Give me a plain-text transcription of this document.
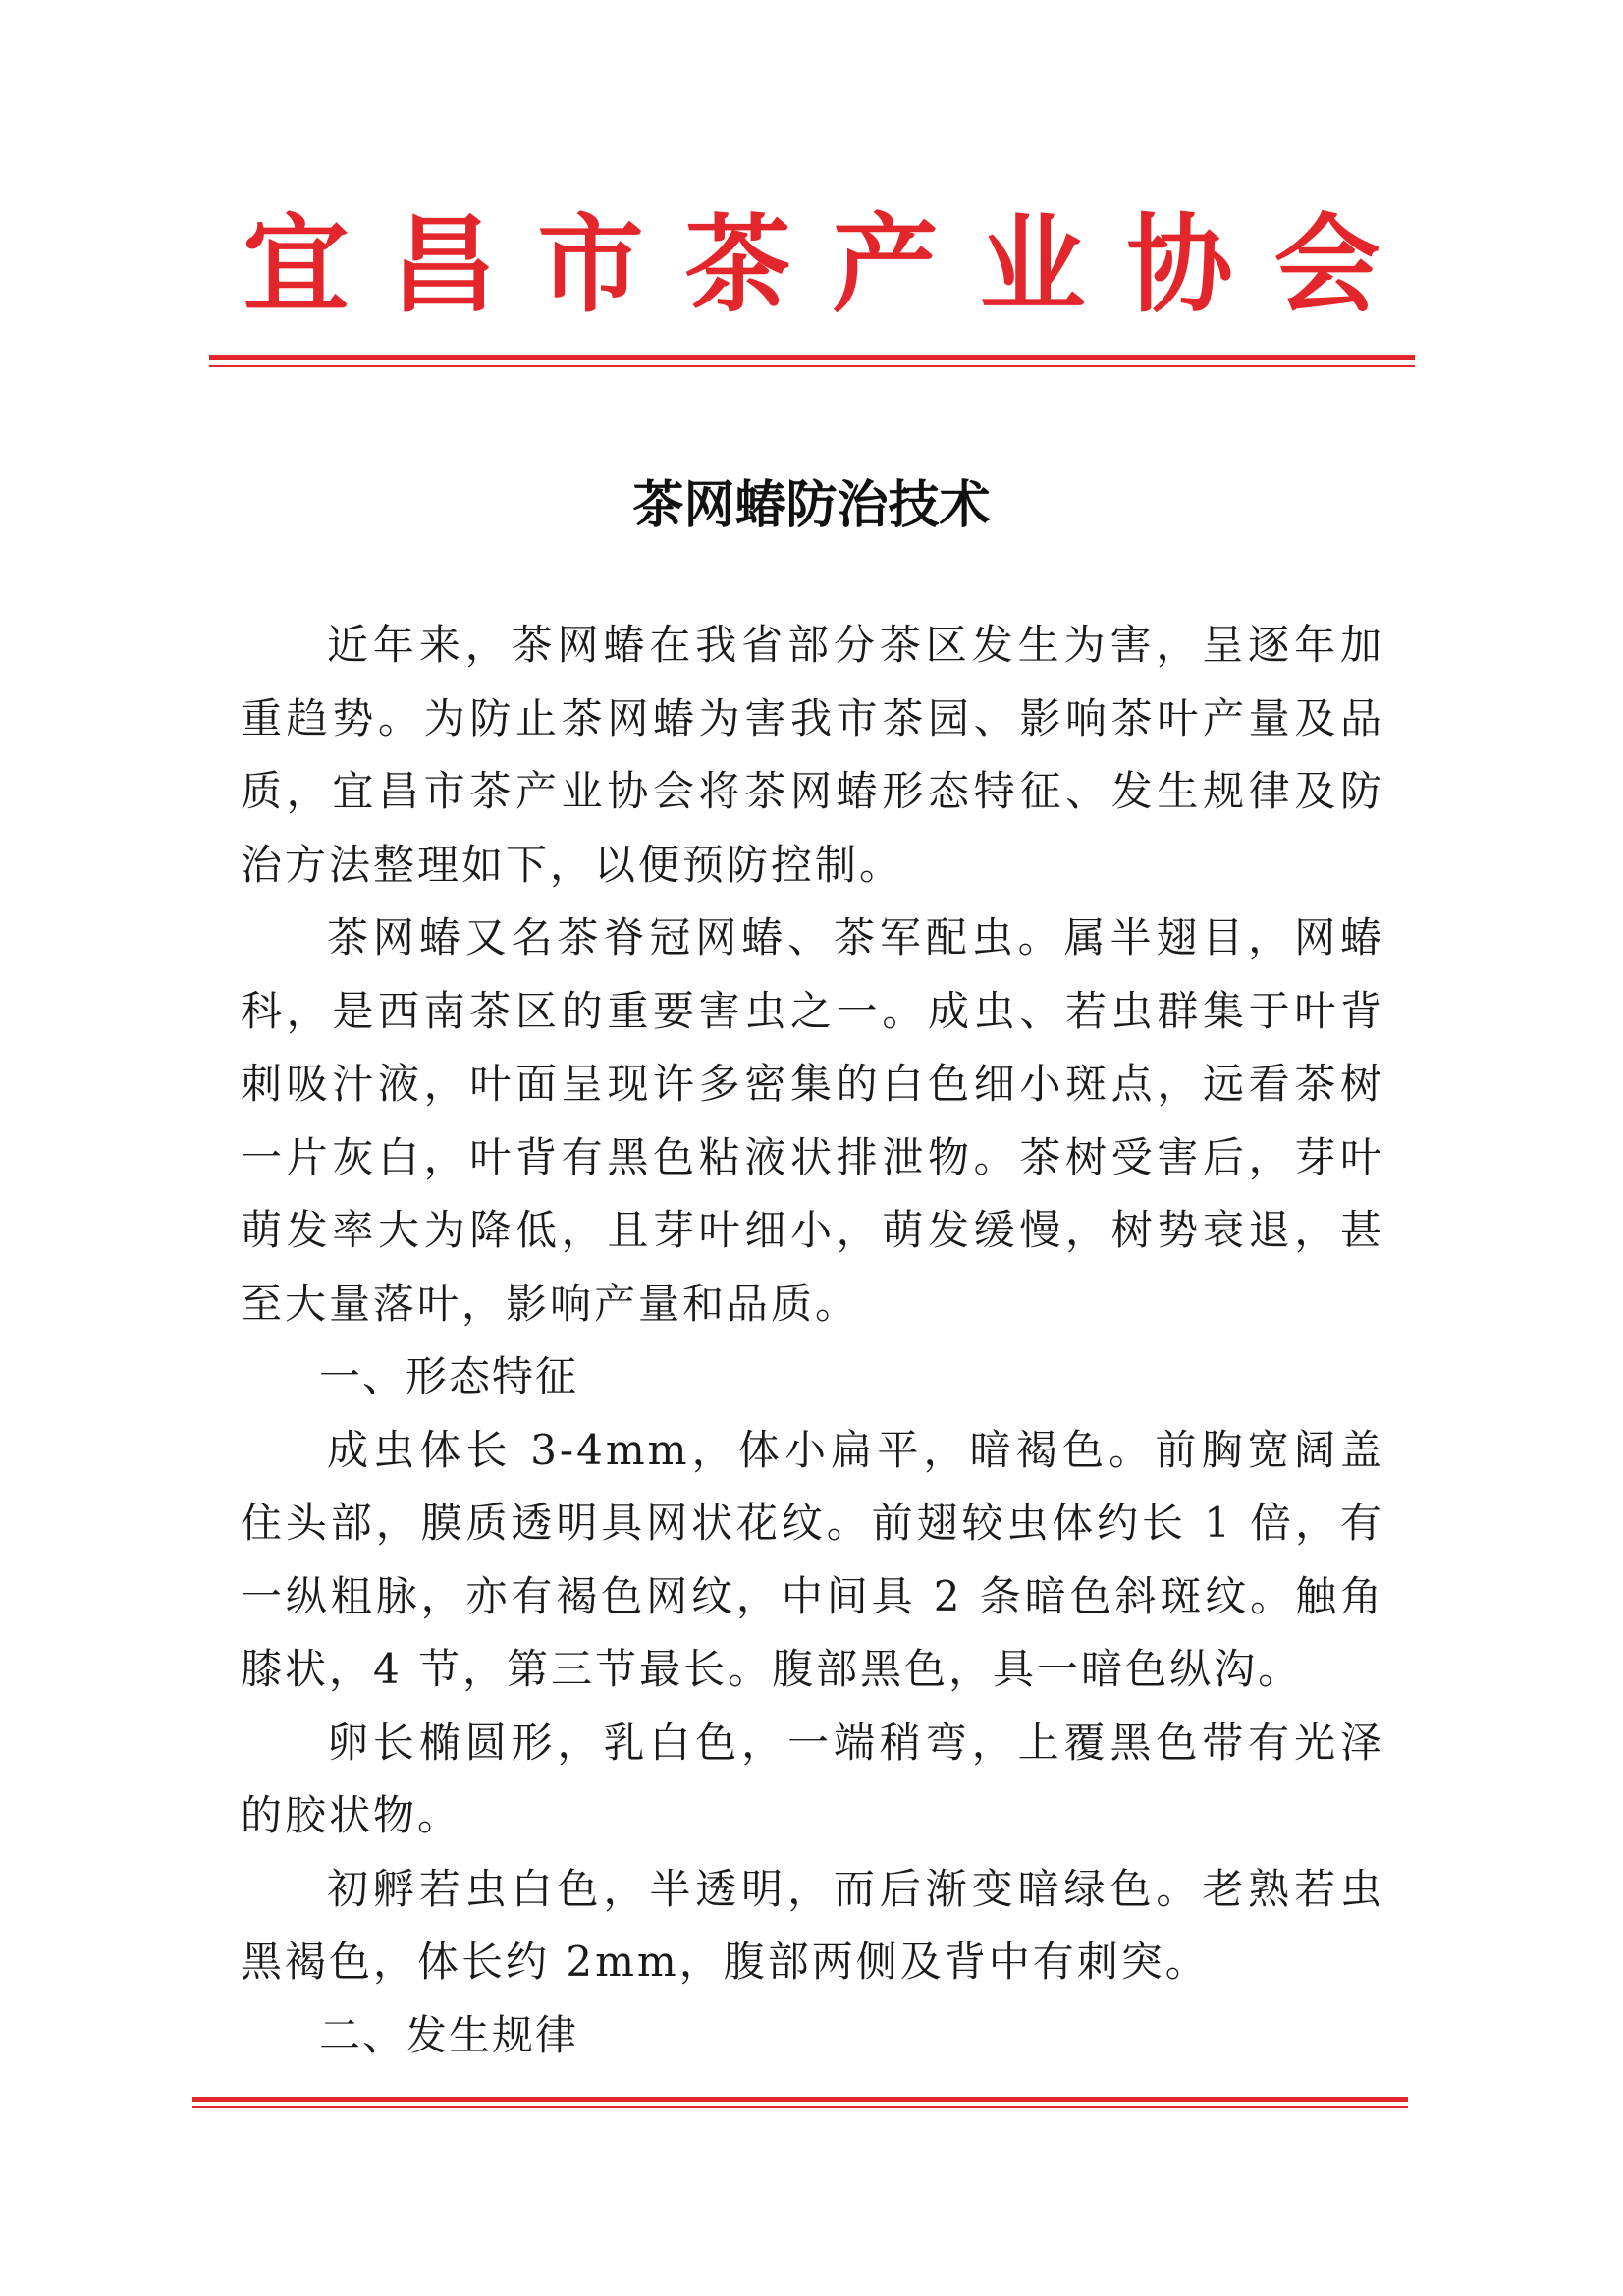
宜昌市茶产业协会
茶网蝽防治技术

近年来，茶网蝽在我省部分茶区发生为害，呈逐年加重趋势。为防止茶网蝽为害我市茶园、影响茶叶产量及品质，宜昌市茶产业协会将茶网蝽形态特征、发生规律及防治方法整理如下，以便预防控制。

茶网蝽又名茶脊冠网蝽、茶军配虫。属半翅目，网蝽科，是西南茶区的重要害虫之一。成虫、若虫群集于叶背刺吸汁液，叶面呈现许多密集的白色细小斑点，远看茶树一片灰白，叶背有黑色粘液状排泄物。茶树受害后，芽叶萌发率大为降低，且芽叶细小，萌发缓慢，树势衰退，甚至大量落叶，影响产量和品质。

一、形态特征

成虫体长 3-4mm，体小扁平，暗褐色。前胸宽阔盖住头部，膜质透明具网状花纹。前翅较虫体约长 1 倍，有一纵粗脉，亦有褐色网纹，中间具 2 条暗色斜斑纹。触角膝状，4 节，第三节最长。腹部黑色，具一暗色纵沟。

卵长椭圆形，乳白色，一端稍弯，上覆黑色带有光泽的胶状物。

初孵若虫白色，半透明，而后渐变暗绿色。老熟若虫黑褐色，体长约 2mm，腹部两侧及背中有刺突。

二、发生规律
